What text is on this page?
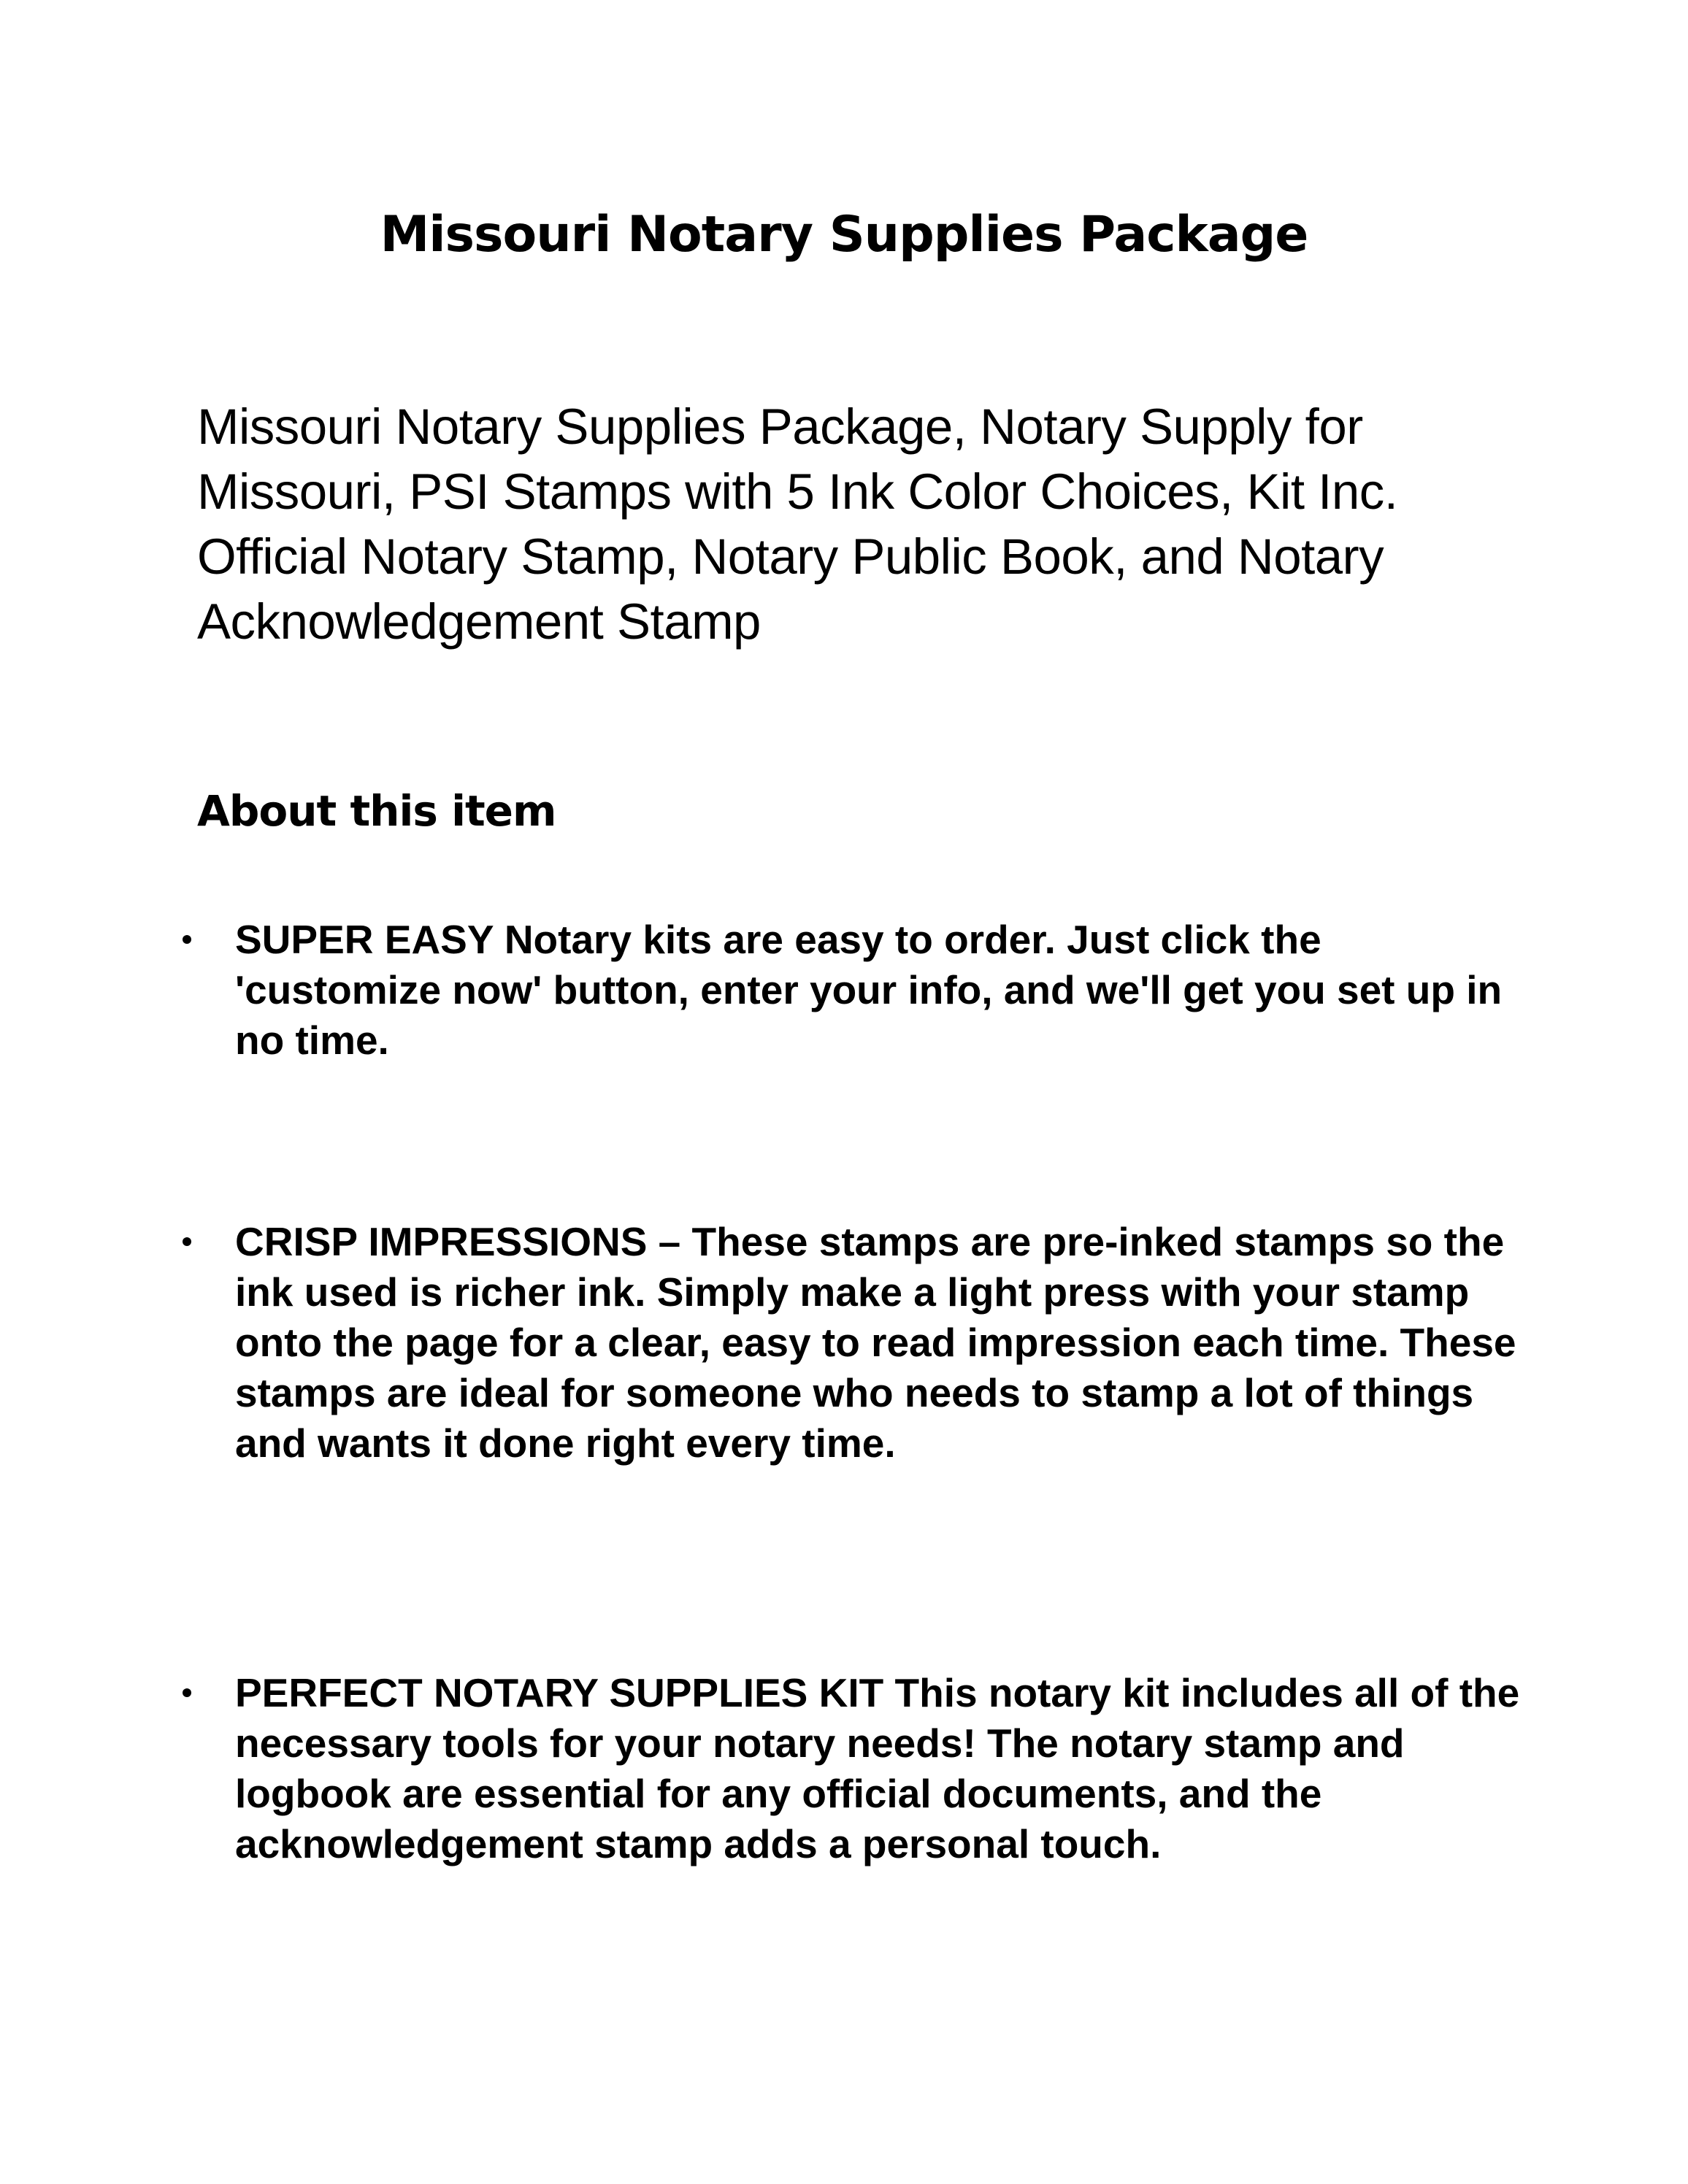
Missouri Notary Supplies Package

Missouri Notary Supplies Package, Notary Supply for Missouri, PSI Stamps with 5 Ink Color Choices, Kit Inc. Official Notary Stamp, Notary Public Book, and Notary Acknowledgement Stamp

About this item

SUPER EASY Notary kits are easy to order. Just click the 'customize now' button, enter your info, and we'll get you set up in no time.

CRISP IMPRESSIONS – These stamps are pre-inked stamps so the ink used is richer ink. Simply make a light press with your stamp onto the page for a clear, easy to read impression each time. These stamps are ideal for someone who needs to stamp a lot of things and wants it done right every time.

PERFECT NOTARY SUPPLIES KIT This notary kit includes all of the necessary tools for your notary needs! The notary stamp and logbook are essential for any official documents, and the acknowledgement stamp adds a personal touch.
